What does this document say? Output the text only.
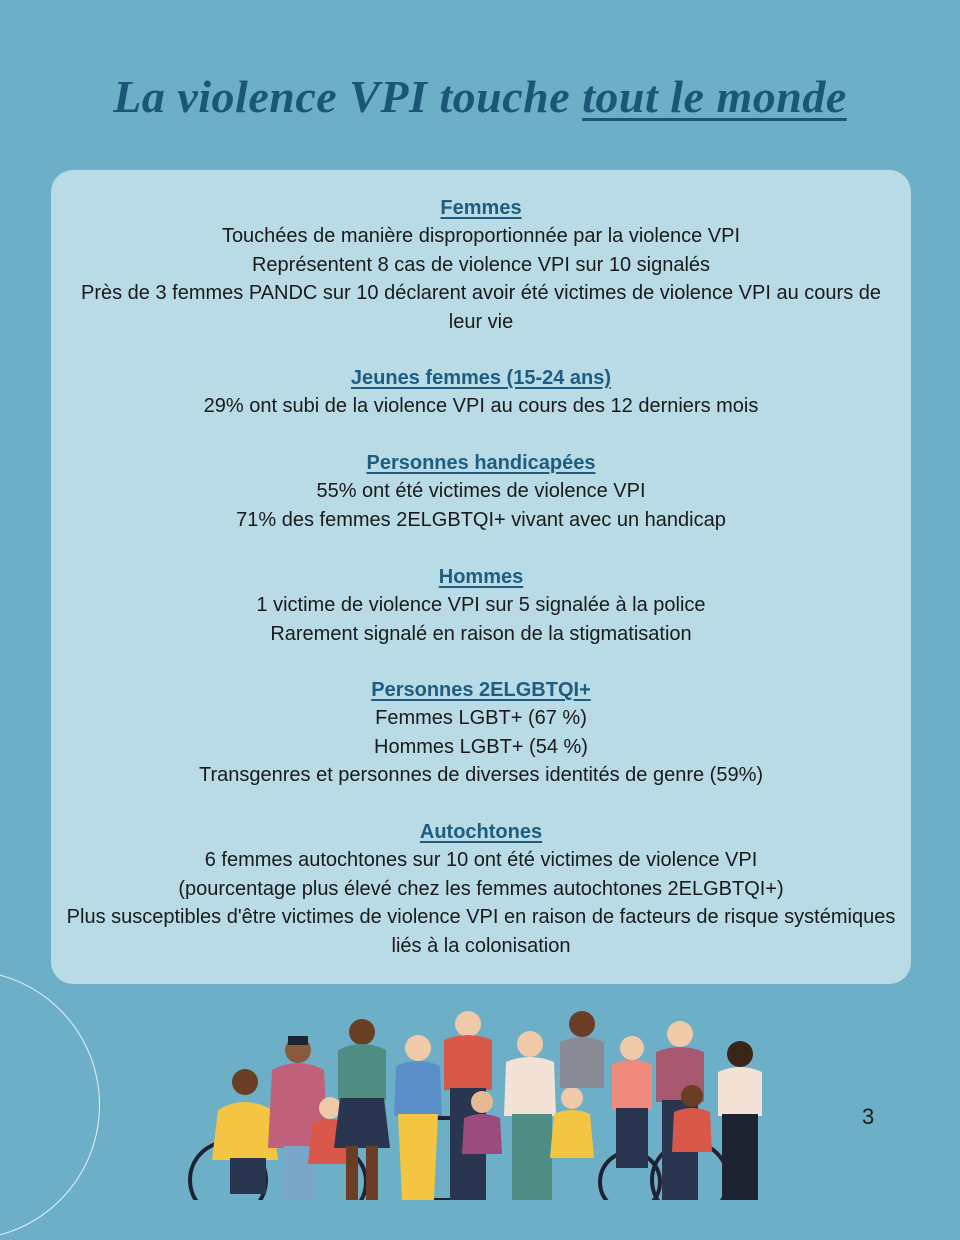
La violence VPI touche tout le monde
Femmes

Touchées de manière disproportionnée par la violence VPI

Représentent 8 cas de violence VPI sur 10 signalés

Près de 3 femmes PANDC sur 10 déclarent avoir été victimes de violence VPI au cours de leur vie

Jeunes femmes (15-24 ans)

29% ont subi de la violence VPI au cours des 12 derniers mois

Personnes handicapées

55% ont été victimes de violence VPI

71% des femmes 2ELGBTQI+ vivant avec un handicap

Hommes

1 victime de violence VPI sur 5 signalée à la police

Rarement signalé en raison de la stigmatisation

Personnes 2ELGBTQI+

Femmes LGBT+ (67 %)

Hommes LGBT+ (54 %)

Transgenres et personnes de diverses identités de genre (59%)

Autochtones

6 femmes autochtones sur 10 ont été victimes de violence VPI

(pourcentage plus élevé chez les femmes autochtones 2ELGBTQI+)

Plus susceptibles d'être victimes de violence VPI en raison de facteurs de risque systémiques liés à la colonisation

3
